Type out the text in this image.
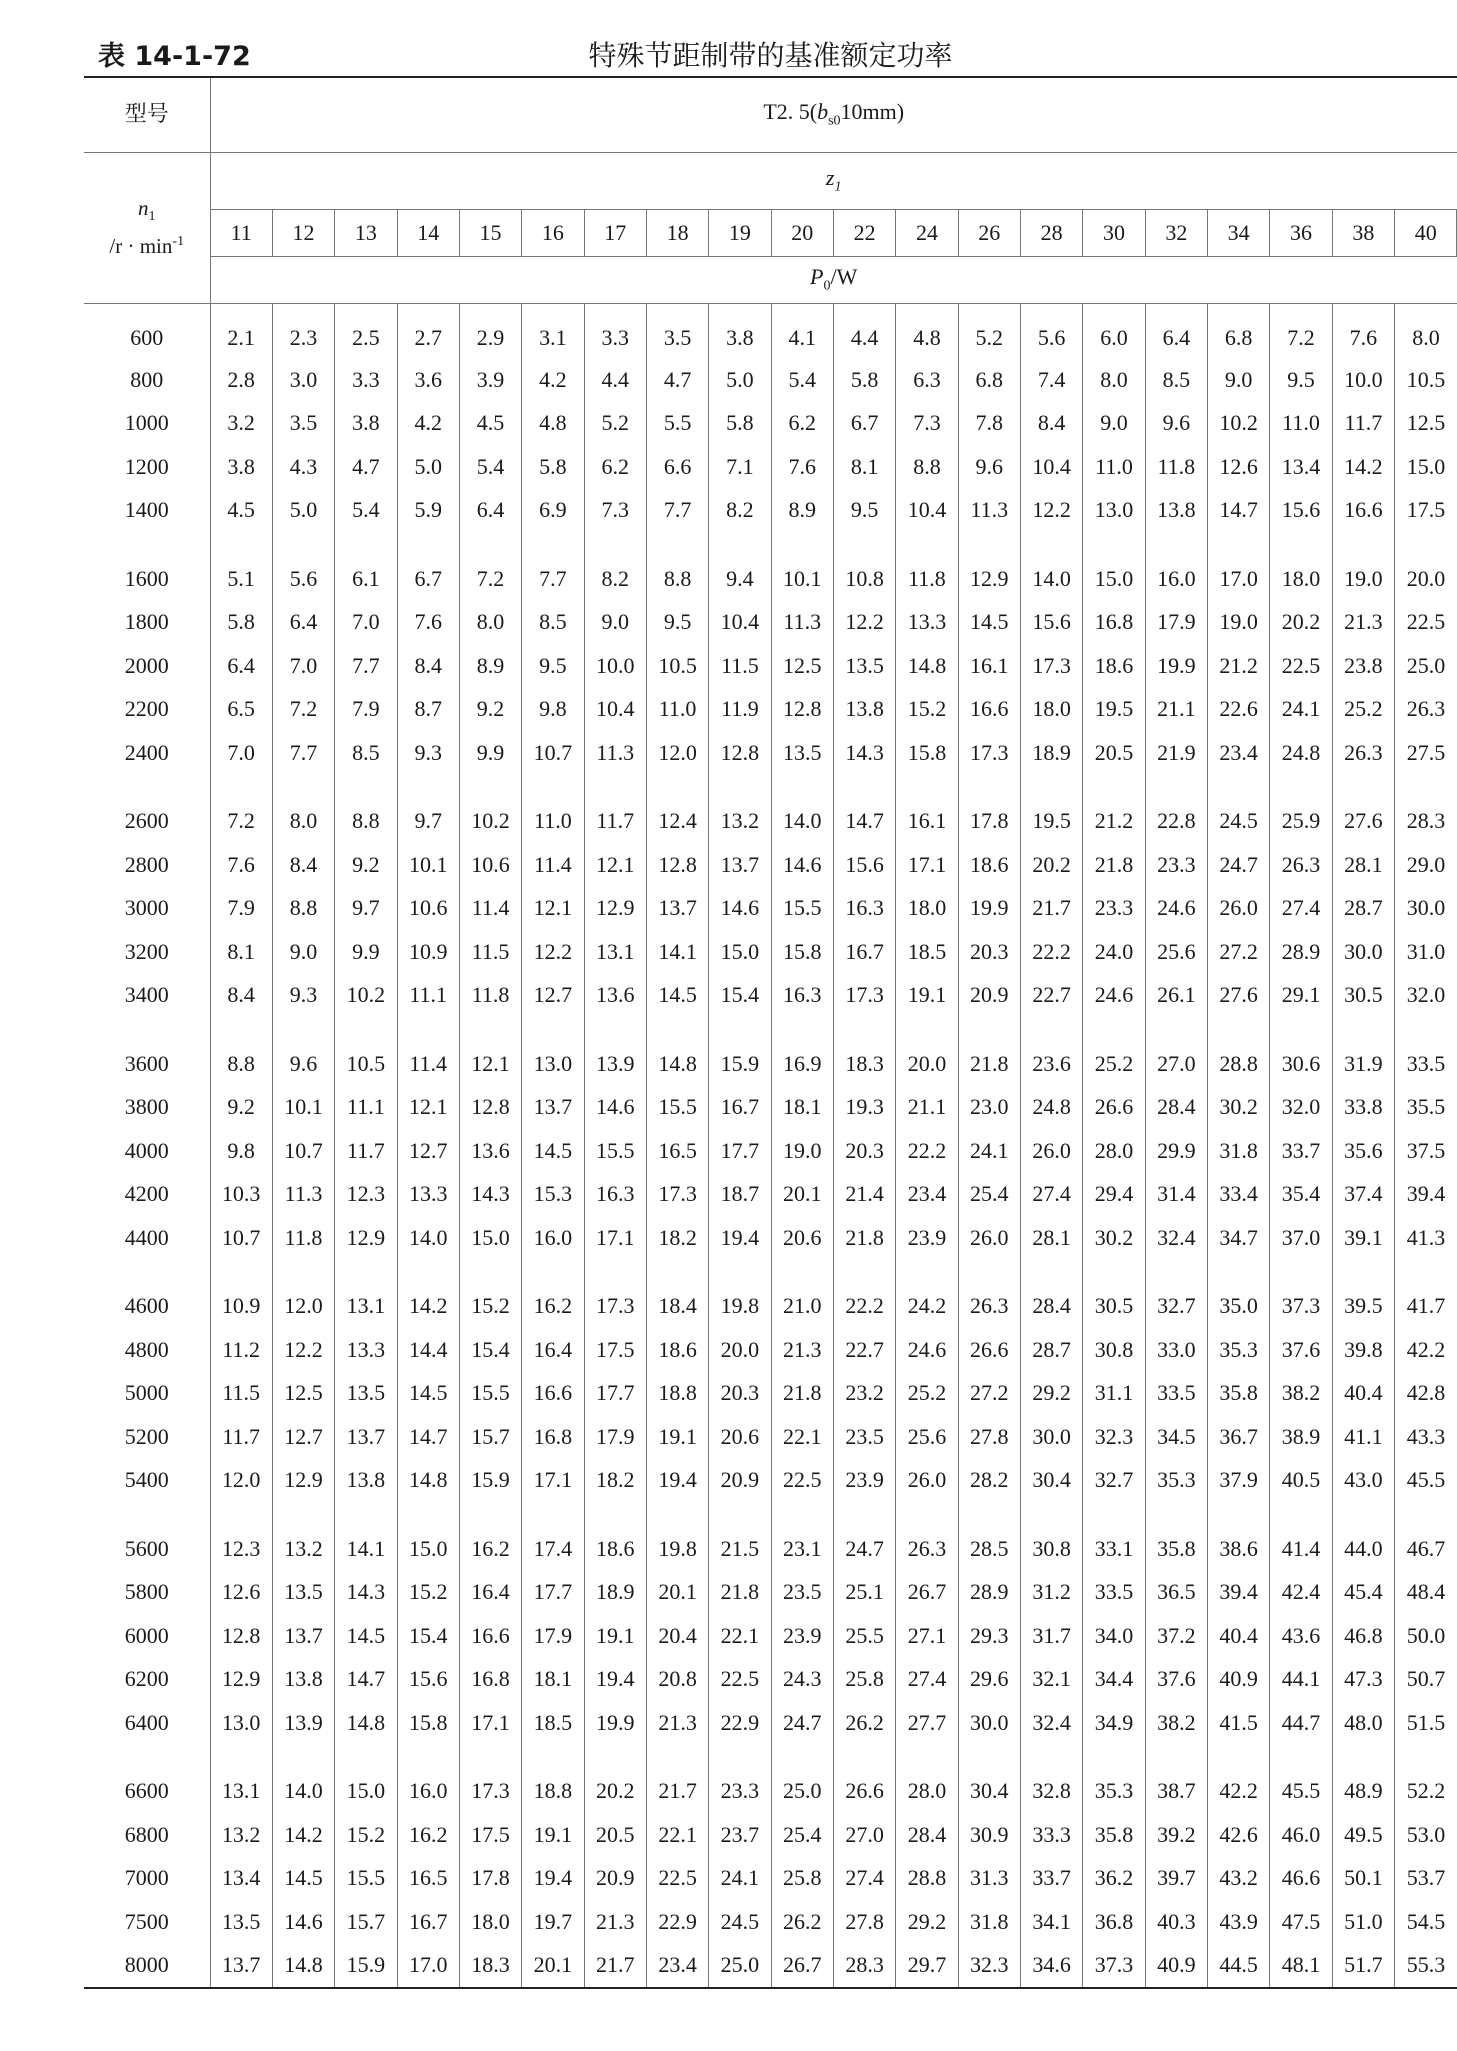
表 14-1-72	特殊节距制带的基准额定功率
型号	T2. $5(b_{s0}10mm)$																			
$n_1$
$/r \cdot \min^{-1}$	$z_1$
	11	12	13	14	15	16	17	18	19	20	22	24	26	28	30	32	34	36	38	40
	$P_0/W$																			
600	2.1	2.3	2.5	2.7	2.9	3.1	3.3	3.5	3.8	4.1	4.4	4.8	5.2	5.6	6.0	6.4	6.8	7.2	7.6	8.0
800	2.8	3.0	3.3	3.6	3.9	4.2	4.4	4.7	5.0	5.4	5.8	6.3	6.8	7.4	8.0	8.5	9.0	9.5	10.0	10.5
1000	3.2	3.5	3.8	4.2	4.5	4.8	5.2	5.5	5.8	6.2	6.7	7.3	7.8	8.4	9.0	9.6	10.2	11.0	11.7	12.5
1200	3.8	4.3	4.7	5.0	5.4	5.8	6.2	6.6	7.1	7.6	8.1	8.8	9.6	10.4	11.0	11.8	12.6	13.4	14.2	15.0
1400	4.5	5.0	5.4	5.9	6.4	6.9	7.3	7.7	8.2	8.9	9.5	10.4	11.3	12.2	13.0	13.8	14.7	15.6	16.6	17.5

1600	5.1	5.6	6.1	6.7	7.2	7.7	8.2	8.8	9.4	10.1	10.8	11.8	12.9	14.0	15.0	16.0	17.0	18.0	19.0	20.0
1800	5.8	6.4	7.0	7.6	8.0	8.5	9.0	9.5	10.4	11.3	12.2	13.3	14.5	15.6	16.8	17.9	19.0	20.2	21.3	22.5
2000	6.4	7.0	7.7	8.4	8.9	9.5	10.0	10.5	11.5	12.5	13.5	14.8	16.1	17.3	18.6	19.9	21.2	22.5	23.8	25.0
2200	6.5	7.2	7.9	8.7	9.2	9.8	10.4	11.0	11.9	12.8	13.8	15.2	16.6	18.0	19.5	21.1	22.6	24.1	25.2	26.3
2400	7.0	7.7	8.5	9.3	9.9	10.7	11.3	12.0	12.8	13.5	14.3	15.8	17.3	18.9	20.5	21.9	23.4	24.8	26.3	27.5

2600	7.2	8.0	8.8	9.7	10.2	11.0	11.7	12.4	13.2	14.0	14.7	16.1	17.8	19.5	21.2	22.8	24.5	25.9	27.6	28.3
2800	7.6	8.4	9.2	10.1	10.6	11.4	12.1	12.8	13.7	14.6	15.6	17.1	18.6	20.2	21.8	23.3	24.7	26.3	28.1	29.0
3000	7.9	8.8	9.7	10.6	11.4	12.1	12.9	13.7	14.6	15.5	16.3	18.0	19.9	21.7	23.3	24.6	26.0	27.4	28.7	30.0
3200	8.1	9.0	9.9	10.9	11.5	12.2	13.1	14.1	15.0	15.8	16.7	18.5	20.3	22.2	24.0	25.6	27.2	28.9	30.0	31.0
3400	8.4	9.3	10.2	11.1	11.8	12.7	13.6	14.5	15.4	16.3	17.3	19.1	20.9	22.7	24.6	26.1	27.6	29.1	30.5	32.0

3600	8.8	9.6	10.5	11.4	12.1	13.0	13.9	14.8	15.9	16.9	18.3	20.0	21.8	23.6	25.2	27.0	28.8	30.6	31.9	33.5
3800	9.2	10.1	11.1	12.1	12.8	13.7	14.6	15.5	16.7	18.1	19.3	21.1	23.0	24.8	26.6	28.4	30.2	32.0	33.8	35.5
4000	9.8	10.7	11.7	12.7	13.6	14.5	15.5	16.5	17.7	19.0	20.3	22.2	24.1	26.0	28.0	29.9	31.8	33.7	35.6	37.5
4200	10.3	11.3	12.3	13.3	14.3	15.3	16.3	17.3	18.7	20.1	21.4	23.4	25.4	27.4	29.4	31.4	33.4	35.4	37.4	39.4
4400	10.7	11.8	12.9	14.0	15.0	16.0	17.1	18.2	19.4	20.6	21.8	23.9	26.0	28.1	30.2	32.4	34.7	37.0	39.1	41.3

4600	10.9	12.0	13.1	14.2	15.2	16.2	17.3	18.4	19.8	21.0	22.2	24.2	26.3	28.4	30.5	32.7	35.0	37.3	39.5	41.7
4800	11.2	12.2	13.3	14.4	15.4	16.4	17.5	18.6	20.0	21.3	22.7	24.6	26.6	28.7	30.8	33.0	35.3	37.6	39.8	42.2
5000	11.5	12.5	13.5	14.5	15.5	16.6	17.7	18.8	20.3	21.8	23.2	25.2	27.2	29.2	31.1	33.5	35.8	38.2	40.4	42.8
5200	11.7	12.7	13.7	14.7	15.7	16.8	17.9	19.1	20.6	22.1	23.5	25.6	27.8	30.0	32.3	34.5	36.7	38.9	41.1	43.3
5400	12.0	12.9	13.8	14.8	15.9	17.1	18.2	19.4	20.9	22.5	23.9	26.0	28.2	30.4	32.7	35.3	37.9	40.5	43.0	45.5

5600	12.3	13.2	14.1	15.0	16.2	17.4	18.6	19.8	21.5	23.1	24.7	26.3	28.5	30.8	33.1	35.8	38.6	41.4	44.0	46.7
5800	12.6	13.5	14.3	15.2	16.4	17.7	18.9	20.1	21.8	23.5	25.1	26.7	28.9	31.2	33.5	36.5	39.4	42.4	45.4	48.4
6000	12.8	13.7	14.5	15.4	16.6	17.9	19.1	20.4	22.1	23.9	25.5	27.1	29.3	31.7	34.0	37.2	40.4	43.6	46.8	50.0
6200	12.9	13.8	14.7	15.6	16.8	18.1	19.4	20.8	22.5	24.3	25.8	27.4	29.6	32.1	34.4	37.6	40.9	44.1	47.3	50.7
6400	13.0	13.9	14.8	15.8	17.1	18.5	19.9	21.3	22.9	24.7	26.2	27.7	30.0	32.4	34.9	38.2	41.5	44.7	48.0	51.5

6600	13.1	14.0	15.0	16.0	17.3	18.8	20.2	21.7	23.3	25.0	26.6	28.0	30.4	32.8	35.3	38.7	42.2	45.5	48.9	52.2
6800	13.2	14.2	15.2	16.2	17.5	19.1	20.5	22.1	23.7	25.4	27.0	28.4	30.9	33.3	35.8	39.2	42.6	46.0	49.5	53.0
7000	13.4	14.5	15.5	16.5	17.8	19.4	20.9	22.5	24.1	25.8	27.4	28.8	31.3	33.7	36.2	39.7	43.2	46.6	50.1	53.7
7500	13.5	14.6	15.7	16.7	18.0	19.7	21.3	22.9	24.5	26.2	27.8	29.2	31.8	34.1	36.8	40.3	43.9	47.5	51.0	54.5
8000	13.7	14.8	15.9	17.0	18.3	20.1	21.7	23.4	25.0	26.7	28.3	29.7	32.3	34.6	37.3	40.9	44.5	48.1	51.7	55.3
